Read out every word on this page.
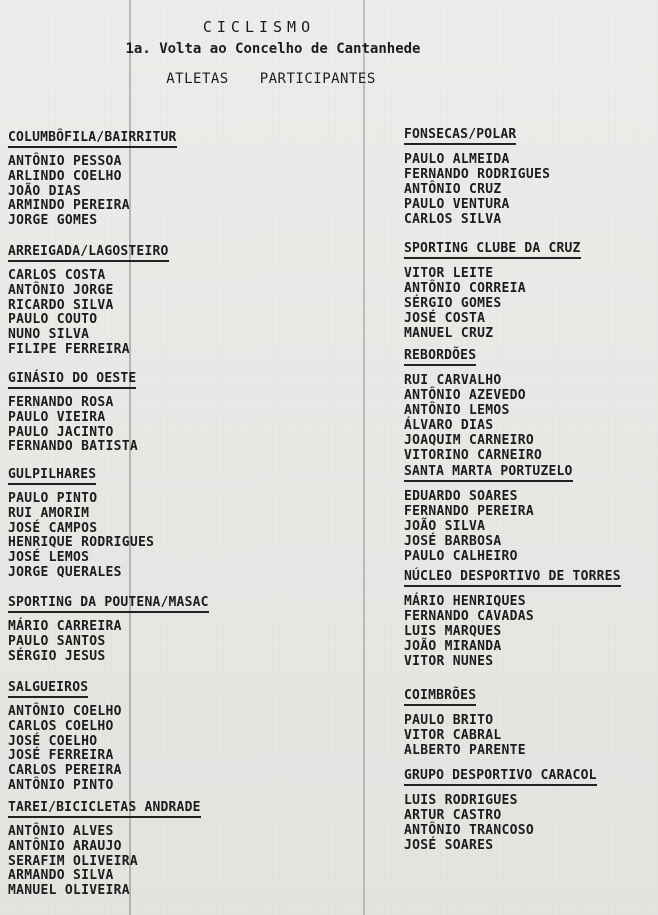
CICLISMO
1a. Volta ao Concelho de Cantanhede
ATLETAS PARTICIPANTES
COLUMBÔFILA/BAIRRITUR
ANTÔNIO PESSOA
ARLINDO COELHO
JOÃO DIAS
ARMINDO PEREIRA
JORGE GOMES
ARREIGADA/LAGOSTEIRO
CARLOS COSTA
ANTÔNIO JORGE
RICARDO SILVA
PAULO COUTO
NUNO SILVA
FILIPE FERREIRA
GINÁSIO DO OESTE
FERNANDO ROSA
PAULO VIEIRA
PAULO JACINTO
FERNANDO BATISTA
GULPILHARES
PAULO PINTO
RUI AMORIM
JOSÉ CAMPOS
HENRIQUE RODRIGUES
JOSÉ LEMOS
JORGE QUERALES
SPORTING DA POUTENA/MASAC
MÁRIO CARREIRA
PAULO SANTOS
SÉRGIO JESUS
SALGUEIROS
ANTÔNIO COELHO
CARLOS COELHO
JOSÉ COELHO
JOSÉ FERREIRA
CARLOS PEREIRA
ANTÔNIO PINTO
TAREI/BICICLETAS ANDRADE
ANTÔNIO ALVES
ANTÔNIO ARAUJO
SERAFIM OLIVEIRA
ARMANDO SILVA
MANUEL OLIVEIRA
FONSECAS/POLAR
PAULO ALMEIDA
FERNANDO RODRIGUES
ANTÔNIO CRUZ
PAULO VENTURA
CARLOS SILVA
SPORTING CLUBE DA CRUZ
VITOR LEITE
ANTÔNIO CORREIA
SÉRGIO GOMES
JOSÉ COSTA
MANUEL CRUZ
REBORDÕES
RUI CARVALHO
ANTÔNIO AZEVEDO
ANTÔNIO LEMOS
ÁLVARO DIAS
JOAQUIM CARNEIRO
VITORINO CARNEIRO
SANTA MARTA PORTUZELO
EDUARDO SOARES
FERNANDO PEREIRA
JOÃO SILVA
JOSÉ BARBOSA
PAULO CALHEIRO
NÚCLEO DESPORTIVO DE TORRES
MÁRIO HENRIQUES
FERNANDO CAVADAS
LUIS MARQUES
JOÃO MIRANDA
VITOR NUNES
COIMBRÕES
PAULO BRITO
VITOR CABRAL
ALBERTO PARENTE
GRUPO DESPORTIVO CARACOL
LUIS RODRIGUES
ARTUR CASTRO
ANTÔNIO TRANCOSO
JOSÉ SOARES
